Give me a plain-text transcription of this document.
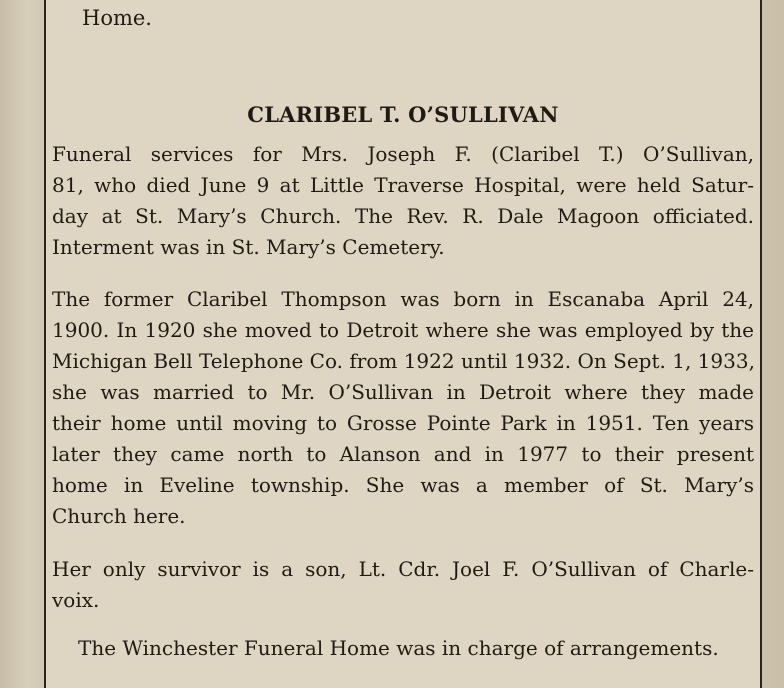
Home.
CLARIBEL T. O’SULLIVAN
Funeral services for Mrs. Joseph F. (Claribel T.) O’Sullivan,
81, who died June 9 at Little Traverse Hospital, were held Satur-
day at St. Mary’s Church. The Rev. R. Dale Magoon officiated.
Interment was in St. Mary’s Cemetery.
The former Claribel Thompson was born in Escanaba April 24,
1900. In 1920 she moved to Detroit where she was employed by the
Michigan Bell Telephone Co. from 1922 until 1932. On Sept. 1, 1933,
she was married to Mr. O’Sullivan in Detroit where they made
their home until moving to Grosse Pointe Park in 1951. Ten years
later they came north to Alanson and in 1977 to their present
home in Eveline township. She was a member of St. Mary’s
Church here.
Her only survivor is a son, Lt. Cdr. Joel F. O’Sullivan of Charle-
voix.
The Winchester Funeral Home was in charge of arrangements.
